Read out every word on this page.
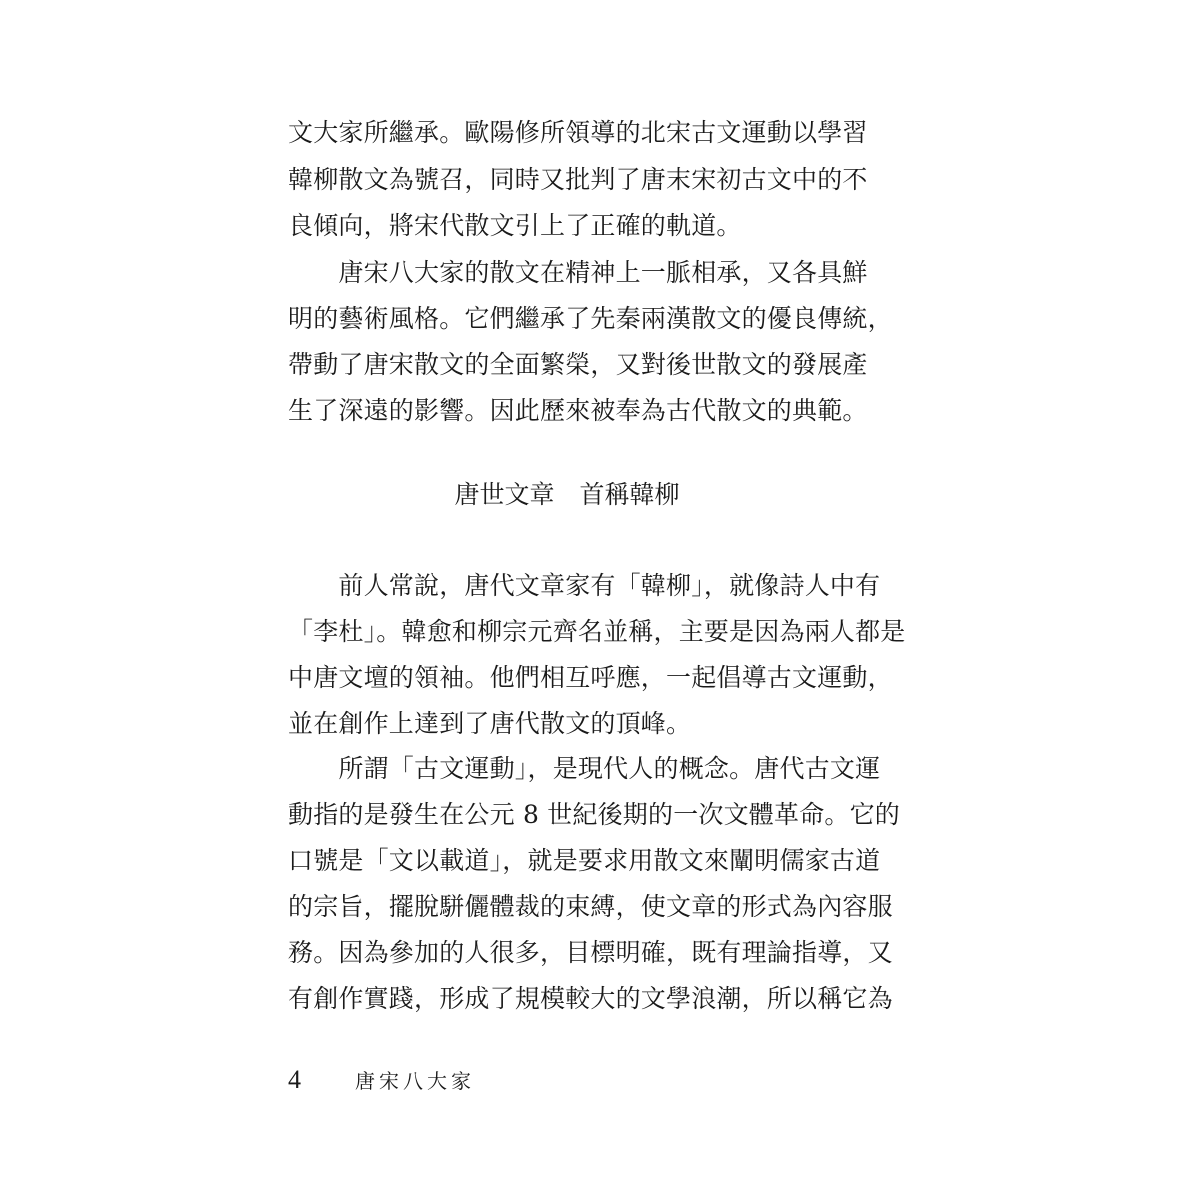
文大家所繼承。歐陽修所領導的北宋古文運動以學習
韓柳散文為號召，同時又批判了唐末宋初古文中的不
良傾向，將宋代散文引上了正確的軌道。
　　唐宋八大家的散文在精神上一脈相承，又各具鮮
明的藝術風格。它們繼承了先秦兩漢散文的優良傳統，
帶動了唐宋散文的全面繁榮，又對後世散文的發展產
生了深遠的影響。因此歷來被奉為古代散文的典範。
唐世文章　首稱韓柳
　　前人常說，唐代文章家有「韓柳」，就像詩人中有
「李杜」。韓愈和柳宗元齊名並稱，主要是因為兩人都是
中唐文壇的領袖。他們相互呼應，一起倡導古文運動，
並在創作上達到了唐代散文的頂峰。
　　所謂「古文運動」，是現代人的概念。唐代古文運
動指的是發生在公元 8 世紀後期的一次文體革命。它的
口號是「文以載道」，就是要求用散文來闡明儒家古道
的宗旨，擺脫駢儷體裁的束縛，使文章的形式為內容服
務。因為參加的人很多，目標明確，既有理論指導，又
有創作實踐，形成了規模較大的文學浪潮，所以稱它為
4	唐宋八大家
